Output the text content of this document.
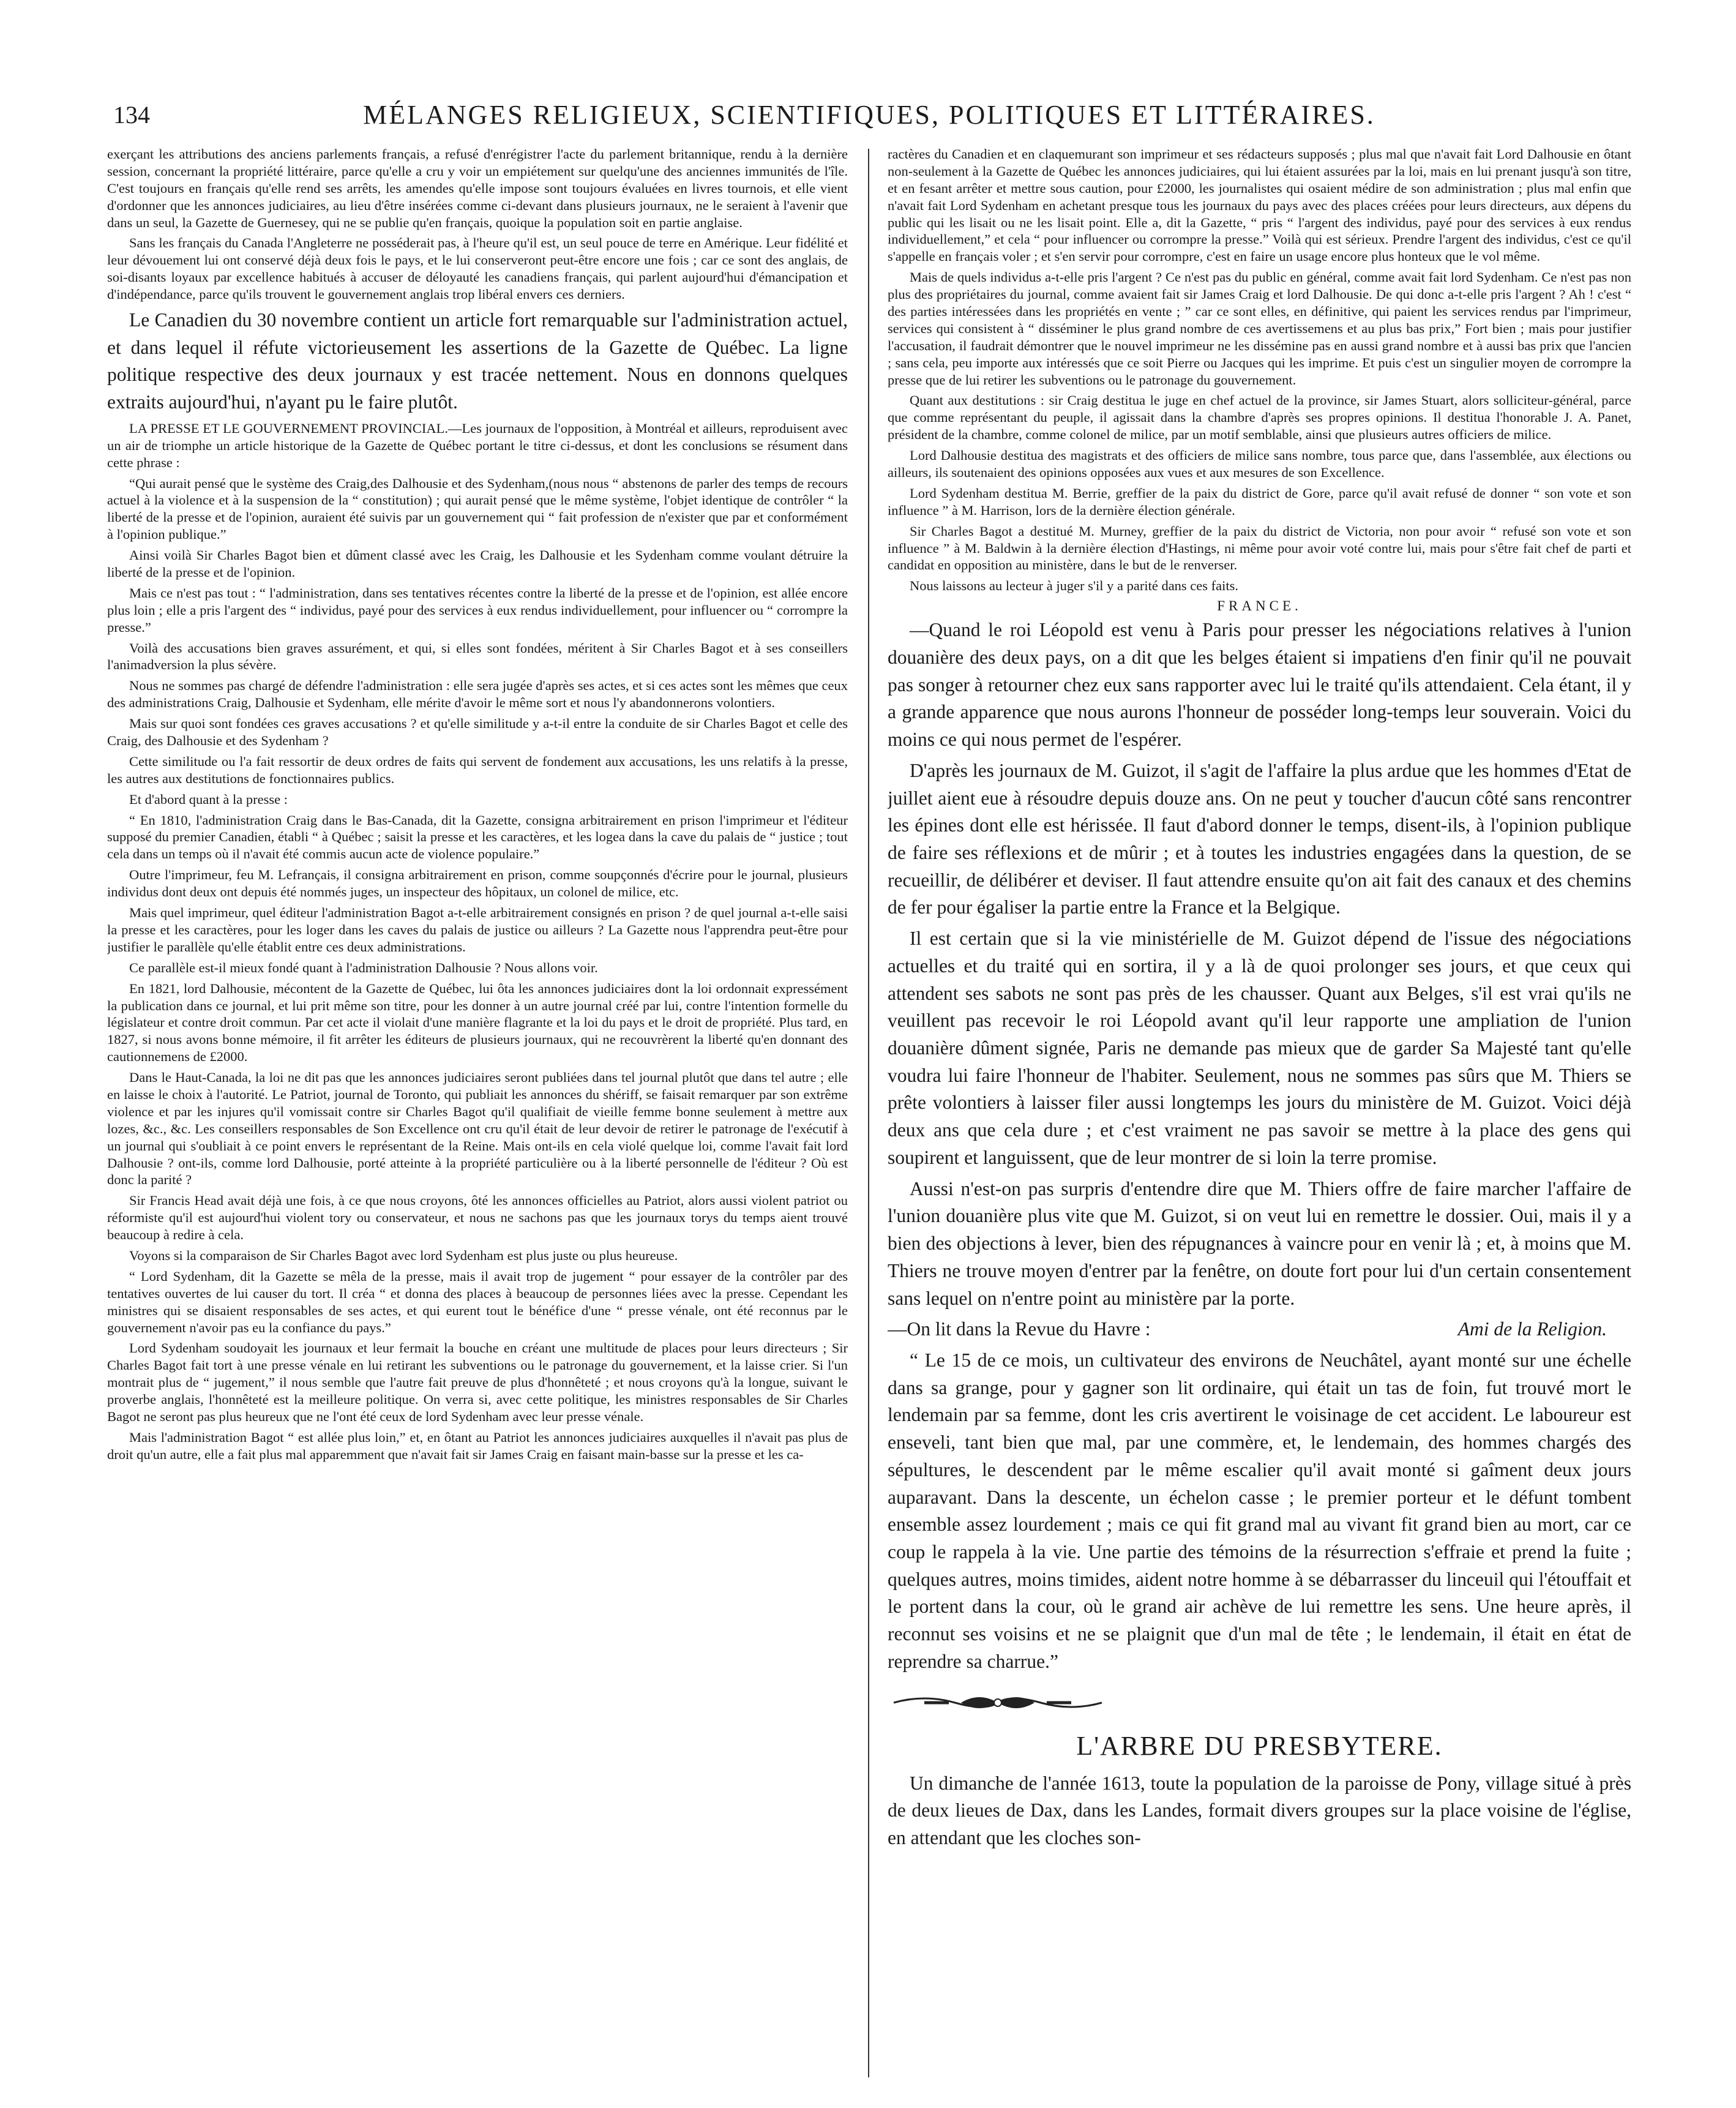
134	MÉLANGES RELIGIEUX, SCIENTIFIQUES, POLITIQUES ET LITTÉRAIRES.

exerçant les attributions des anciens parlements français, a refusé d'enrégistrer l'acte du parlement britannique, rendu à la dernière session, concernant la propriété littéraire, parce qu'elle a cru y voir un empiétement sur quelqu'une des anciennes immunités de l'île. C'est toujours en français qu'elle rend ses arrêts, les amendes qu'elle impose sont toujours évaluées en livres tournois, et elle vient d'ordonner que les annonces judiciaires, au lieu d'être insérées comme ci-devant dans plusieurs journaux, ne le seraient à l'avenir que dans un seul, la Gazette de Guernesey, qui ne se publie qu'en français, quoique la population soit en partie anglaise.

Sans les français du Canada l'Angleterre ne posséderait pas, à l'heure qu'il est, un seul pouce de terre en Amérique. Leur fidélité et leur dévouement lui ont conservé déjà deux fois le pays, et le lui conserveront peut-être encore une fois ; car ce sont des anglais, de soi-disants loyaux par excellence habitués à accuser de déloyauté les canadiens français, qui parlent aujourd'hui d'émancipation et d'indépendance, parce qu'ils trouvent le gouvernement anglais trop libéral envers ces derniers.

Le Canadien du 30 novembre contient un article fort remarquable sur l'administration actuel, et dans lequel il réfute victorieusement les assertions de la Gazette de Québec. La ligne politique respective des deux journaux y est tracée nettement. Nous en donnons quelques extraits aujourd'hui, n'ayant pu le faire plutôt.

LA PRESSE ET LE GOUVERNEMENT PROVINCIAL.—Les journaux de l'opposition, à Montréal et ailleurs, reproduisent avec un air de triomphe un article historique de la Gazette de Québec portant le titre ci-dessus, et dont les conclusions se résument dans cette phrase :

“Qui aurait pensé que le système des Craig,des Dalhousie et des Sydenham,(nous nous “ abstenons de parler des temps de recours actuel à la violence et à la suspension de la “ constitution) ; qui aurait pensé que le même système, l'objet identique de contrôler “ la liberté de la presse et de l'opinion, auraient été suivis par un gouvernement qui “ fait profession de n'exister que par et conformément à l'opinion publique.”

Ainsi voilà Sir Charles Bagot bien et dûment classé avec les Craig, les Dalhousie et les Sydenham comme voulant détruire la liberté de la presse et de l'opinion.

Mais ce n'est pas tout : “ l'administration, dans ses tentatives récentes contre la liberté de la presse et de l'opinion, est allée encore plus loin ; elle a pris l'argent des “ individus, payé pour des services à eux rendus individuellement, pour influencer ou “ corrompre la presse.”

Voilà des accusations bien graves assurément, et qui, si elles sont fondées, méritent à Sir Charles Bagot et à ses conseillers l'animadversion la plus sévère.

Nous ne sommes pas chargé de défendre l'administration : elle sera jugée d'après ses actes, et si ces actes sont les mêmes que ceux des administrations Craig, Dalhousie et Sydenham, elle mérite d'avoir le même sort et nous l'y abandonnerons volontiers.

Mais sur quoi sont fondées ces graves accusations ? et qu'elle similitude y a-t-il entre la conduite de sir Charles Bagot et celle des Craig, des Dalhousie et des Sydenham ?

Cette similitude ou l'a fait ressortir de deux ordres de faits qui servent de fondement aux accusations, les uns relatifs à la presse, les autres aux destitutions de fonctionnaires publics.

Et d'abord quant à la presse :

“ En 1810, l'administration Craig dans le Bas-Canada, dit la Gazette, consigna arbitrairement en prison l'imprimeur et l'éditeur supposé du premier Canadien, établi “ à Québec ; saisit la presse et les caractères, et les logea dans la cave du palais de “ justice ; tout cela dans un temps où il n'avait été commis aucun acte de violence populaire.”

Outre l'imprimeur, feu M. Lefrançais, il consigna arbitrairement en prison, comme soupçonnés d'écrire pour le journal, plusieurs individus dont deux ont depuis été nommés juges, un inspecteur des hôpitaux, un colonel de milice, etc.

Mais quel imprimeur, quel éditeur l'administration Bagot a-t-elle arbitrairement consignés en prison ? de quel journal a-t-elle saisi la presse et les caractères, pour les loger dans les caves du palais de justice ou ailleurs ? La Gazette nous l'apprendra peut-être pour justifier le parallèle qu'elle établit entre ces deux administrations.

Ce parallèle est-il mieux fondé quant à l'administration Dalhousie ? Nous allons voir.

En 1821, lord Dalhousie, mécontent de la Gazette de Québec, lui ôta les annonces judiciaires dont la loi ordonnait expressément la publication dans ce journal, et lui prit même son titre, pour les donner à un autre journal créé par lui, contre l'intention formelle du législateur et contre droit commun. Par cet acte il violait d'une manière flagrante et la loi du pays et le droit de propriété. Plus tard, en 1827, si nous avons bonne mémoire, il fit arrêter les éditeurs de plusieurs journaux, qui ne recouvrèrent la liberté qu'en donnant des cautionnemens de £2000.

Dans le Haut-Canada, la loi ne dit pas que les annonces judiciaires seront publiées dans tel journal plutôt que dans tel autre ; elle en laisse le choix à l'autorité. Le Patriot, journal de Toronto, qui publiait les annonces du shériff, se faisait remarquer par son extrême violence et par les injures qu'il vomissait contre sir Charles Bagot qu'il qualifiait de vieille femme bonne seulement à mettre aux lozes, &c., &c. Les conseillers responsables de Son Excellence ont cru qu'il était de leur devoir de retirer le patronage de l'exécutif à un journal qui s'oubliait à ce point envers le représentant de la Reine. Mais ont-ils en cela violé quelque loi, comme l'avait fait lord Dalhousie ? ont-ils, comme lord Dalhousie, porté atteinte à la propriété particulière ou à la liberté personnelle de l'éditeur ? Où est donc la parité ?

Sir Francis Head avait déjà une fois, à ce que nous croyons, ôté les annonces officielles au Patriot, alors aussi violent patriot ou réformiste qu'il est aujourd'hui violent tory ou conservateur, et nous ne sachons pas que les journaux torys du temps aient trouvé beaucoup à redire à cela.

Voyons si la comparaison de Sir Charles Bagot avec lord Sydenham est plus juste ou plus heureuse.

“ Lord Sydenham, dit la Gazette se mêla de la presse, mais il avait trop de jugement “ pour essayer de la contrôler par des tentatives ouvertes de lui causer du tort. Il créa “ et donna des places à beaucoup de personnes liées avec la presse. Cependant les ministres qui se disaient responsables de ses actes, et qui eurent tout le bénéfice d'une “ presse vénale, ont été reconnus par le gouvernement n'avoir pas eu la confiance du pays.”

Lord Sydenham soudoyait les journaux et leur fermait la bouche en créant une multitude de places pour leurs directeurs ; Sir Charles Bagot fait tort à une presse vénale en lui retirant les subventions ou le patronage du gouvernement, et la laisse crier. Si l'un montrait plus de “ jugement,” il nous semble que l'autre fait preuve de plus d'honnêteté ; et nous croyons qu'à la longue, suivant le proverbe anglais, l'honnêteté est la meilleure politique. On verra si, avec cette politique, les ministres responsables de Sir Charles Bagot ne seront pas plus heureux que ne l'ont été ceux de lord Sydenham avec leur presse vénale.

Mais l'administration Bagot “ est allée plus loin,” et, en ôtant au Patriot les annonces judiciaires auxquelles il n'avait pas plus de droit qu'un autre, elle a fait plus mal apparemment que n'avait fait sir James Craig en faisant main-basse sur la presse et les ca-

ractères du Canadien et en claquemurant son imprimeur et ses rédacteurs supposés ; plus mal que n'avait fait Lord Dalhousie en ôtant non-seulement à la Gazette de Québec les annonces judiciaires, qui lui étaient assurées par la loi, mais en lui prenant jusqu'à son titre, et en fesant arrêter et mettre sous caution, pour £2000, les journalistes qui osaient médire de son administration ; plus mal enfin que n'avait fait Lord Sydenham en achetant presque tous les journaux du pays avec des places créées pour leurs directeurs, aux dépens du public qui les lisait ou ne les lisait point. Elle a, dit la Gazette, “ pris “ l'argent des individus, payé pour des services à eux rendus individuellement,” et cela “ pour influencer ou corrompre la presse.” Voilà qui est sérieux. Prendre l'argent des individus, c'est ce qu'il s'appelle en français voler ; et s'en servir pour corrompre, c'est en faire un usage encore plus honteux que le vol même.

Mais de quels individus a-t-elle pris l'argent ? Ce n'est pas du public en général, comme avait fait lord Sydenham. Ce n'est pas non plus des propriétaires du journal, comme avaient fait sir James Craig et lord Dalhousie. De qui donc a-t-elle pris l'argent ? Ah ! c'est “ des parties intéressées dans les propriétés en vente ; ” car ce sont elles, en définitive, qui paient les services rendus par l'imprimeur, services qui consistent à “ disséminer le plus grand nombre de ces avertissemens et au plus bas prix,” Fort bien ; mais pour justifier l'accusation, il faudrait démontrer que le nouvel imprimeur ne les dissémine pas en aussi grand nombre et à aussi bas prix que l'ancien ; sans cela, peu importe aux intéressés que ce soit Pierre ou Jacques qui les imprime. Et puis c'est un singulier moyen de corrompre la presse que de lui retirer les subventions ou le patronage du gouvernement.

Quant aux destitutions : sir Craig destitua le juge en chef actuel de la province, sir James Stuart, alors solliciteur-général, parce que comme représentant du peuple, il agissait dans la chambre d'après ses propres opinions. Il destitua l'honorable J. A. Panet, président de la chambre, comme colonel de milice, par un motif semblable, ainsi que plusieurs autres officiers de milice.

Lord Dalhousie destitua des magistrats et des officiers de milice sans nombre, tous parce que, dans l'assemblée, aux élections ou ailleurs, ils soutenaient des opinions opposées aux vues et aux mesures de son Excellence.

Lord Sydenham destitua M. Berrie, greffier de la paix du district de Gore, parce qu'il avait refusé de donner “ son vote et son influence ” à M. Harrison, lors de la dernière élection générale.

Sir Charles Bagot a destitué M. Murney, greffier de la paix du district de Victoria, non pour avoir “ refusé son vote et son influence ” à M. Baldwin à la dernière élection d'Hastings, ni même pour avoir voté contre lui, mais pour s'être fait chef de parti et candidat en opposition au ministère, dans le but de le renverser.

Nous laissons au lecteur à juger s'il y a parité dans ces faits.

FRANCE.

—Quand le roi Léopold est venu à Paris pour presser les négociations relatives à l'union douanière des deux pays, on a dit que les belges étaient si impatiens d'en finir qu'il ne pouvait pas songer à retourner chez eux sans rapporter avec lui le traité qu'ils attendaient. Cela étant, il y a grande apparence que nous aurons l'honneur de posséder long-temps leur souverain. Voici du moins ce qui nous permet de l'espérer.

D'après les journaux de M. Guizot, il s'agit de l'affaire la plus ardue que les hommes d'Etat de juillet aient eue à résoudre depuis douze ans. On ne peut y toucher d'aucun côté sans rencontrer les épines dont elle est hérissée. Il faut d'abord donner le temps, disent-ils, à l'opinion publique de faire ses réflexions et de mûrir ; et à toutes les industries engagées dans la question, de se recueillir, de délibérer et deviser. Il faut attendre ensuite qu'on ait fait des canaux et des chemins de fer pour égaliser la partie entre la France et la Belgique.

Il est certain que si la vie ministérielle de M. Guizot dépend de l'issue des négociations actuelles et du traité qui en sortira, il y a là de quoi prolonger ses jours, et que ceux qui attendent ses sabots ne sont pas près de les chausser. Quant aux Belges, s'il est vrai qu'ils ne veuillent pas recevoir le roi Léopold avant qu'il leur rapporte une ampliation de l'union douanière dûment signée, Paris ne demande pas mieux que de garder Sa Majesté tant qu'elle voudra lui faire l'honneur de l'habiter. Seulement, nous ne sommes pas sûrs que M. Thiers se prête volontiers à laisser filer aussi longtemps les jours du ministère de M. Guizot. Voici déjà deux ans que cela dure ; et c'est vraiment ne pas savoir se mettre à la place des gens qui soupirent et languissent, que de leur montrer de si loin la terre promise.

Aussi n'est-on pas surpris d'entendre dire que M. Thiers offre de faire marcher l'affaire de l'union douanière plus vite que M. Guizot, si on veut lui en remettre le dossier. Oui, mais il y a bien des objections à lever, bien des répugnances à vaincre pour en venir là ; et, à moins que M. Thiers ne trouve moyen d'entrer par la fenêtre, on doute fort pour lui d'un certain consentement sans lequel on n'entre point au ministère par la porte.

—On lit dans la Revue du Havre :	Ami de la Religion.

“ Le 15 de ce mois, un cultivateur des environs de Neuchâtel, ayant monté sur une échelle dans sa grange, pour y gagner son lit ordinaire, qui était un tas de foin, fut trouvé mort le lendemain par sa femme, dont les cris avertirent le voisinage de cet accident. Le laboureur est enseveli, tant bien que mal, par une commère, et, le lendemain, des hommes chargés des sépultures, le descendent par le même escalier qu'il avait monté si gaîment deux jours auparavant. Dans la descente, un échelon casse ; le premier porteur et le défunt tombent ensemble assez lourdement ; mais ce qui fit grand mal au vivant fit grand bien au mort, car ce coup le rappela à la vie. Une partie des témoins de la résurrection s'effraie et prend la fuite ; quelques autres, moins timides, aident notre homme à se débarrasser du linceuil qui l'étouffait et le portent dans la cour, où le grand air achève de lui remettre les sens. Une heure après, il reconnut ses voisins et ne se plaignit que d'un mal de tête ; le lendemain, il était en état de reprendre sa charrue.”

L'ARBRE DU PRESBYTERE.

Un dimanche de l'année 1613, toute la population de la paroisse de Pony, village situé à près de deux lieues de Dax, dans les Landes, formait divers groupes sur la place voisine de l'église, en attendant que les cloches son-
